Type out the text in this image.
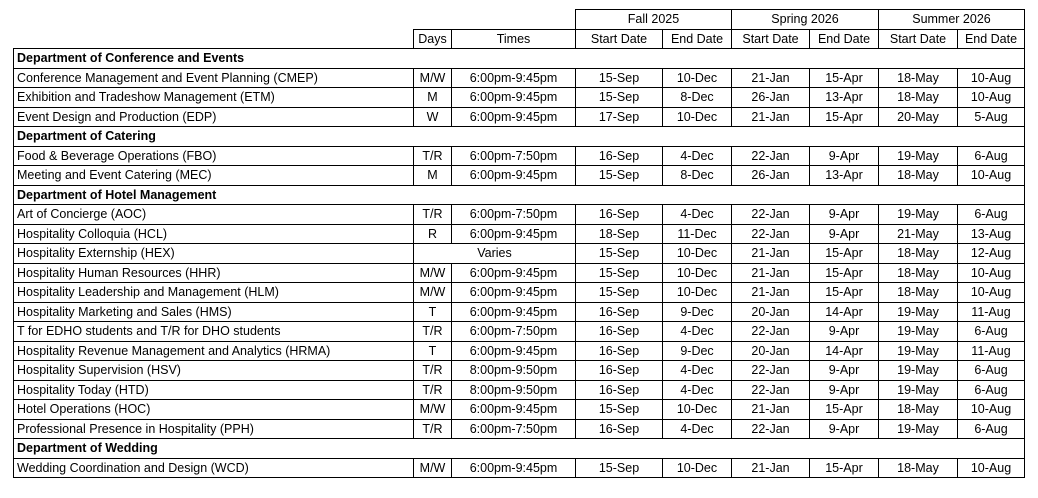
			Fall 2025		Spring 2026		Summer 2026	
	Days	Times	Start Date	End Date	Start Date	End Date	Start Date	End Date
Department of Conference and Events								
Conference Management and Event Planning (CMEP)	M/W	6:00pm-9:45pm	15-Sep	10-Dec	21-Jan	15-Apr	18-May	10-Aug
Exhibition and Tradeshow Management (ETM)	M	6:00pm-9:45pm	15-Sep	8-Dec	26-Jan	13-Apr	18-May	10-Aug
Event Design and Production (EDP)	W	6:00pm-9:45pm	17-Sep	10-Dec	21-Jan	15-Apr	20-May	5-Aug
Department of Catering								
Food & Beverage Operations (FBO)	T/R	6:00pm-7:50pm	16-Sep	4-Dec	22-Jan	9-Apr	19-May	6-Aug
Meeting and Event Catering (MEC)	M	6:00pm-9:45pm	15-Sep	8-Dec	26-Jan	13-Apr	18-May	10-Aug
Department of Hotel Management								
Art of Concierge (AOC)	T/R	6:00pm-7:50pm	16-Sep	4-Dec	22-Jan	9-Apr	19-May	6-Aug
Hospitality Colloquia (HCL)	R	6:00pm-9:45pm	18-Sep	11-Dec	22-Jan	9-Apr	21-May	13-Aug
Hospitality Externship (HEX)	Varies		15-Sep	10-Dec	21-Jan	15-Apr	18-May	12-Aug
Hospitality Human Resources (HHR)	M/W	6:00pm-9:45pm	15-Sep	10-Dec	21-Jan	15-Apr	18-May	10-Aug
Hospitality Leadership and Management (HLM)	M/W	6:00pm-9:45pm	15-Sep	10-Dec	21-Jan	15-Apr	18-May	10-Aug
Hospitality Marketing and Sales (HMS)	T	6:00pm-9:45pm	16-Sep	9-Dec	20-Jan	14-Apr	19-May	11-Aug
T for EDHO students and T/R for DHO students	T/R	6:00pm-7:50pm	16-Sep	4-Dec	22-Jan	9-Apr	19-May	6-Aug
Hospitality Revenue Management and Analytics (HRMA)	T	6:00pm-9:45pm	16-Sep	9-Dec	20-Jan	14-Apr	19-May	11-Aug
Hospitality Supervision (HSV)	T/R	8:00pm-9:50pm	16-Sep	4-Dec	22-Jan	9-Apr	19-May	6-Aug
Hospitality Today (HTD)	T/R	8:00pm-9:50pm	16-Sep	4-Dec	22-Jan	9-Apr	19-May	6-Aug
Hotel Operations (HOC)	M/W	6:00pm-9:45pm	15-Sep	10-Dec	21-Jan	15-Apr	18-May	10-Aug
Professional Presence in Hospitality (PPH)	T/R	6:00pm-7:50pm	16-Sep	4-Dec	22-Jan	9-Apr	19-May	6-Aug
Department of Wedding								
Wedding Coordination and Design (WCD)	M/W	6:00pm-9:45pm	15-Sep	10-Dec	21-Jan	15-Apr	18-May	10-Aug
